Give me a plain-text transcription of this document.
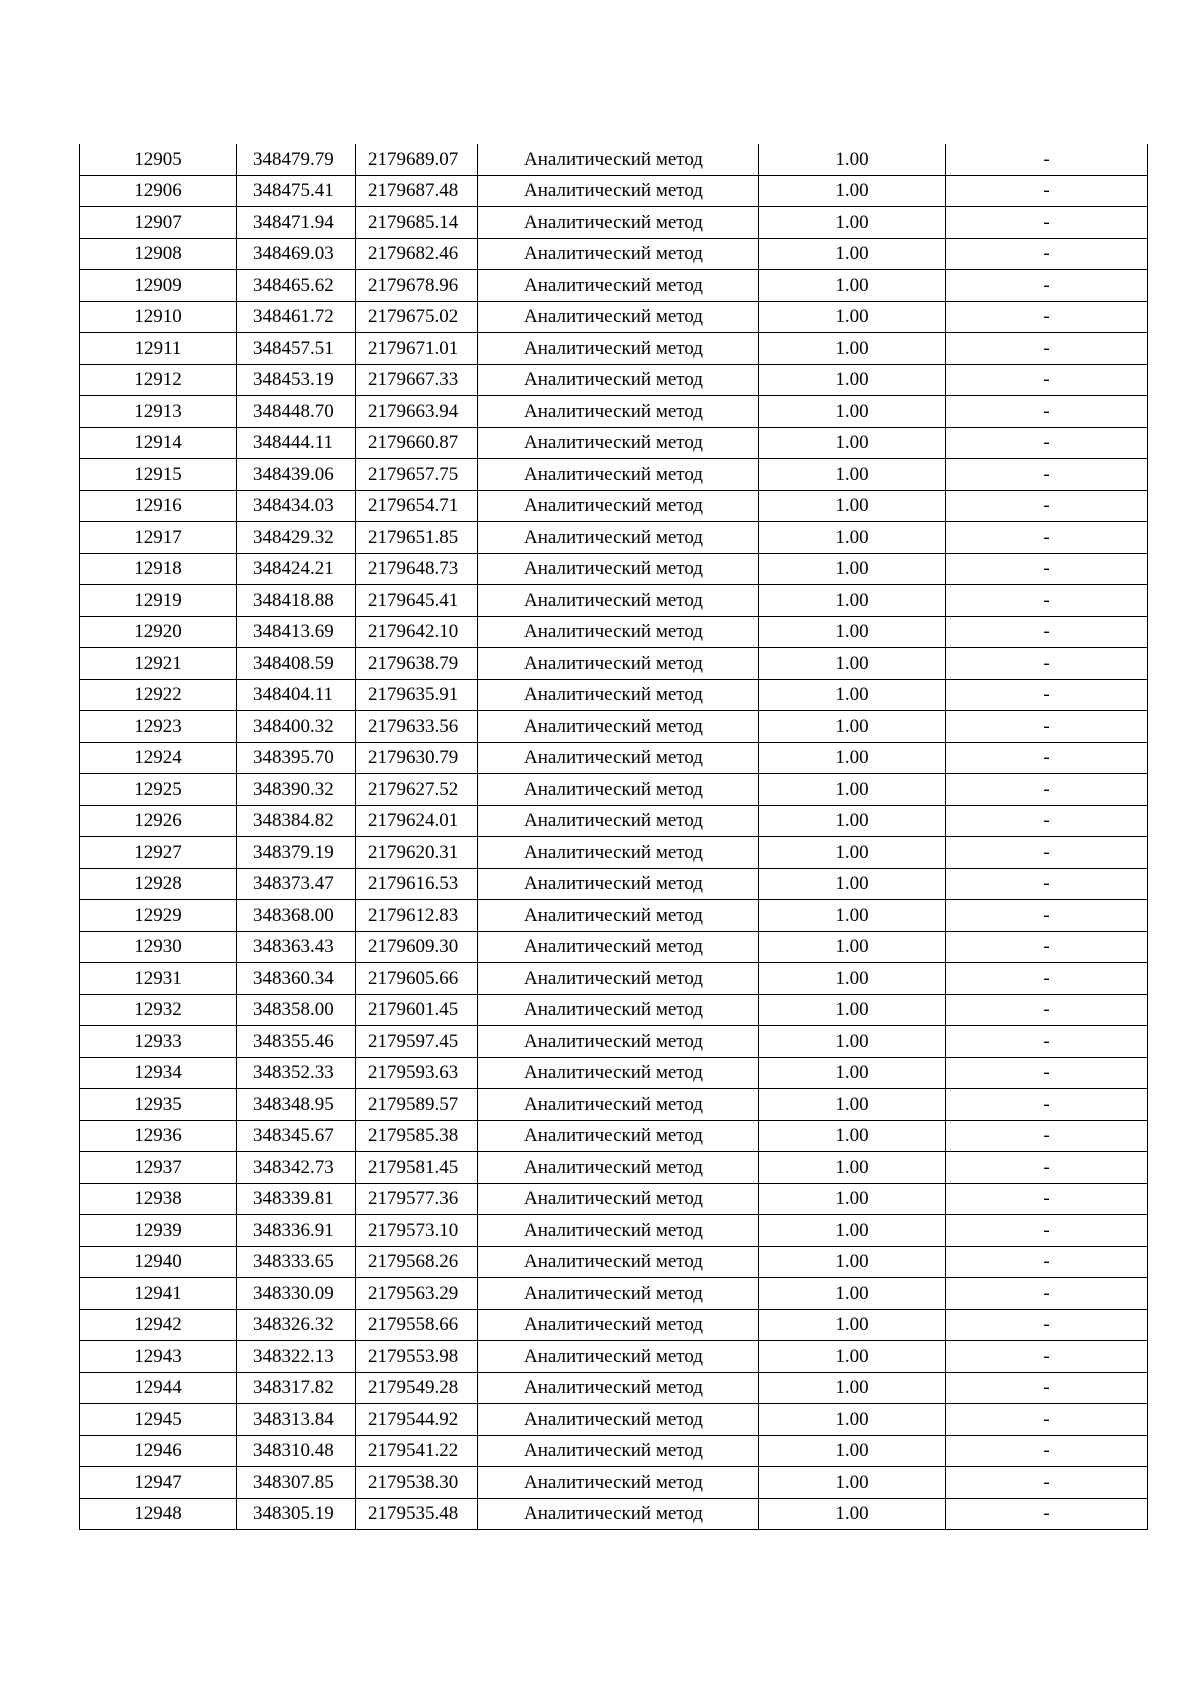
12905	348479.79	2179689.07	Аналитический метод	1.00	-
12906	348475.41	2179687.48	Аналитический метод	1.00	-
12907	348471.94	2179685.14	Аналитический метод	1.00	-
12908	348469.03	2179682.46	Аналитический метод	1.00	-
12909	348465.62	2179678.96	Аналитический метод	1.00	-
12910	348461.72	2179675.02	Аналитический метод	1.00	-
12911	348457.51	2179671.01	Аналитический метод	1.00	-
12912	348453.19	2179667.33	Аналитический метод	1.00	-
12913	348448.70	2179663.94	Аналитический метод	1.00	-
12914	348444.11	2179660.87	Аналитический метод	1.00	-
12915	348439.06	2179657.75	Аналитический метод	1.00	-
12916	348434.03	2179654.71	Аналитический метод	1.00	-
12917	348429.32	2179651.85	Аналитический метод	1.00	-
12918	348424.21	2179648.73	Аналитический метод	1.00	-
12919	348418.88	2179645.41	Аналитический метод	1.00	-
12920	348413.69	2179642.10	Аналитический метод	1.00	-
12921	348408.59	2179638.79	Аналитический метод	1.00	-
12922	348404.11	2179635.91	Аналитический метод	1.00	-
12923	348400.32	2179633.56	Аналитический метод	1.00	-
12924	348395.70	2179630.79	Аналитический метод	1.00	-
12925	348390.32	2179627.52	Аналитический метод	1.00	-
12926	348384.82	2179624.01	Аналитический метод	1.00	-
12927	348379.19	2179620.31	Аналитический метод	1.00	-
12928	348373.47	2179616.53	Аналитический метод	1.00	-
12929	348368.00	2179612.83	Аналитический метод	1.00	-
12930	348363.43	2179609.30	Аналитический метод	1.00	-
12931	348360.34	2179605.66	Аналитический метод	1.00	-
12932	348358.00	2179601.45	Аналитический метод	1.00	-
12933	348355.46	2179597.45	Аналитический метод	1.00	-
12934	348352.33	2179593.63	Аналитический метод	1.00	-
12935	348348.95	2179589.57	Аналитический метод	1.00	-
12936	348345.67	2179585.38	Аналитический метод	1.00	-
12937	348342.73	2179581.45	Аналитический метод	1.00	-
12938	348339.81	2179577.36	Аналитический метод	1.00	-
12939	348336.91	2179573.10	Аналитический метод	1.00	-
12940	348333.65	2179568.26	Аналитический метод	1.00	-
12941	348330.09	2179563.29	Аналитический метод	1.00	-
12942	348326.32	2179558.66	Аналитический метод	1.00	-
12943	348322.13	2179553.98	Аналитический метод	1.00	-
12944	348317.82	2179549.28	Аналитический метод	1.00	-
12945	348313.84	2179544.92	Аналитический метод	1.00	-
12946	348310.48	2179541.22	Аналитический метод	1.00	-
12947	348307.85	2179538.30	Аналитический метод	1.00	-
12948	348305.19	2179535.48	Аналитический метод	1.00	-
